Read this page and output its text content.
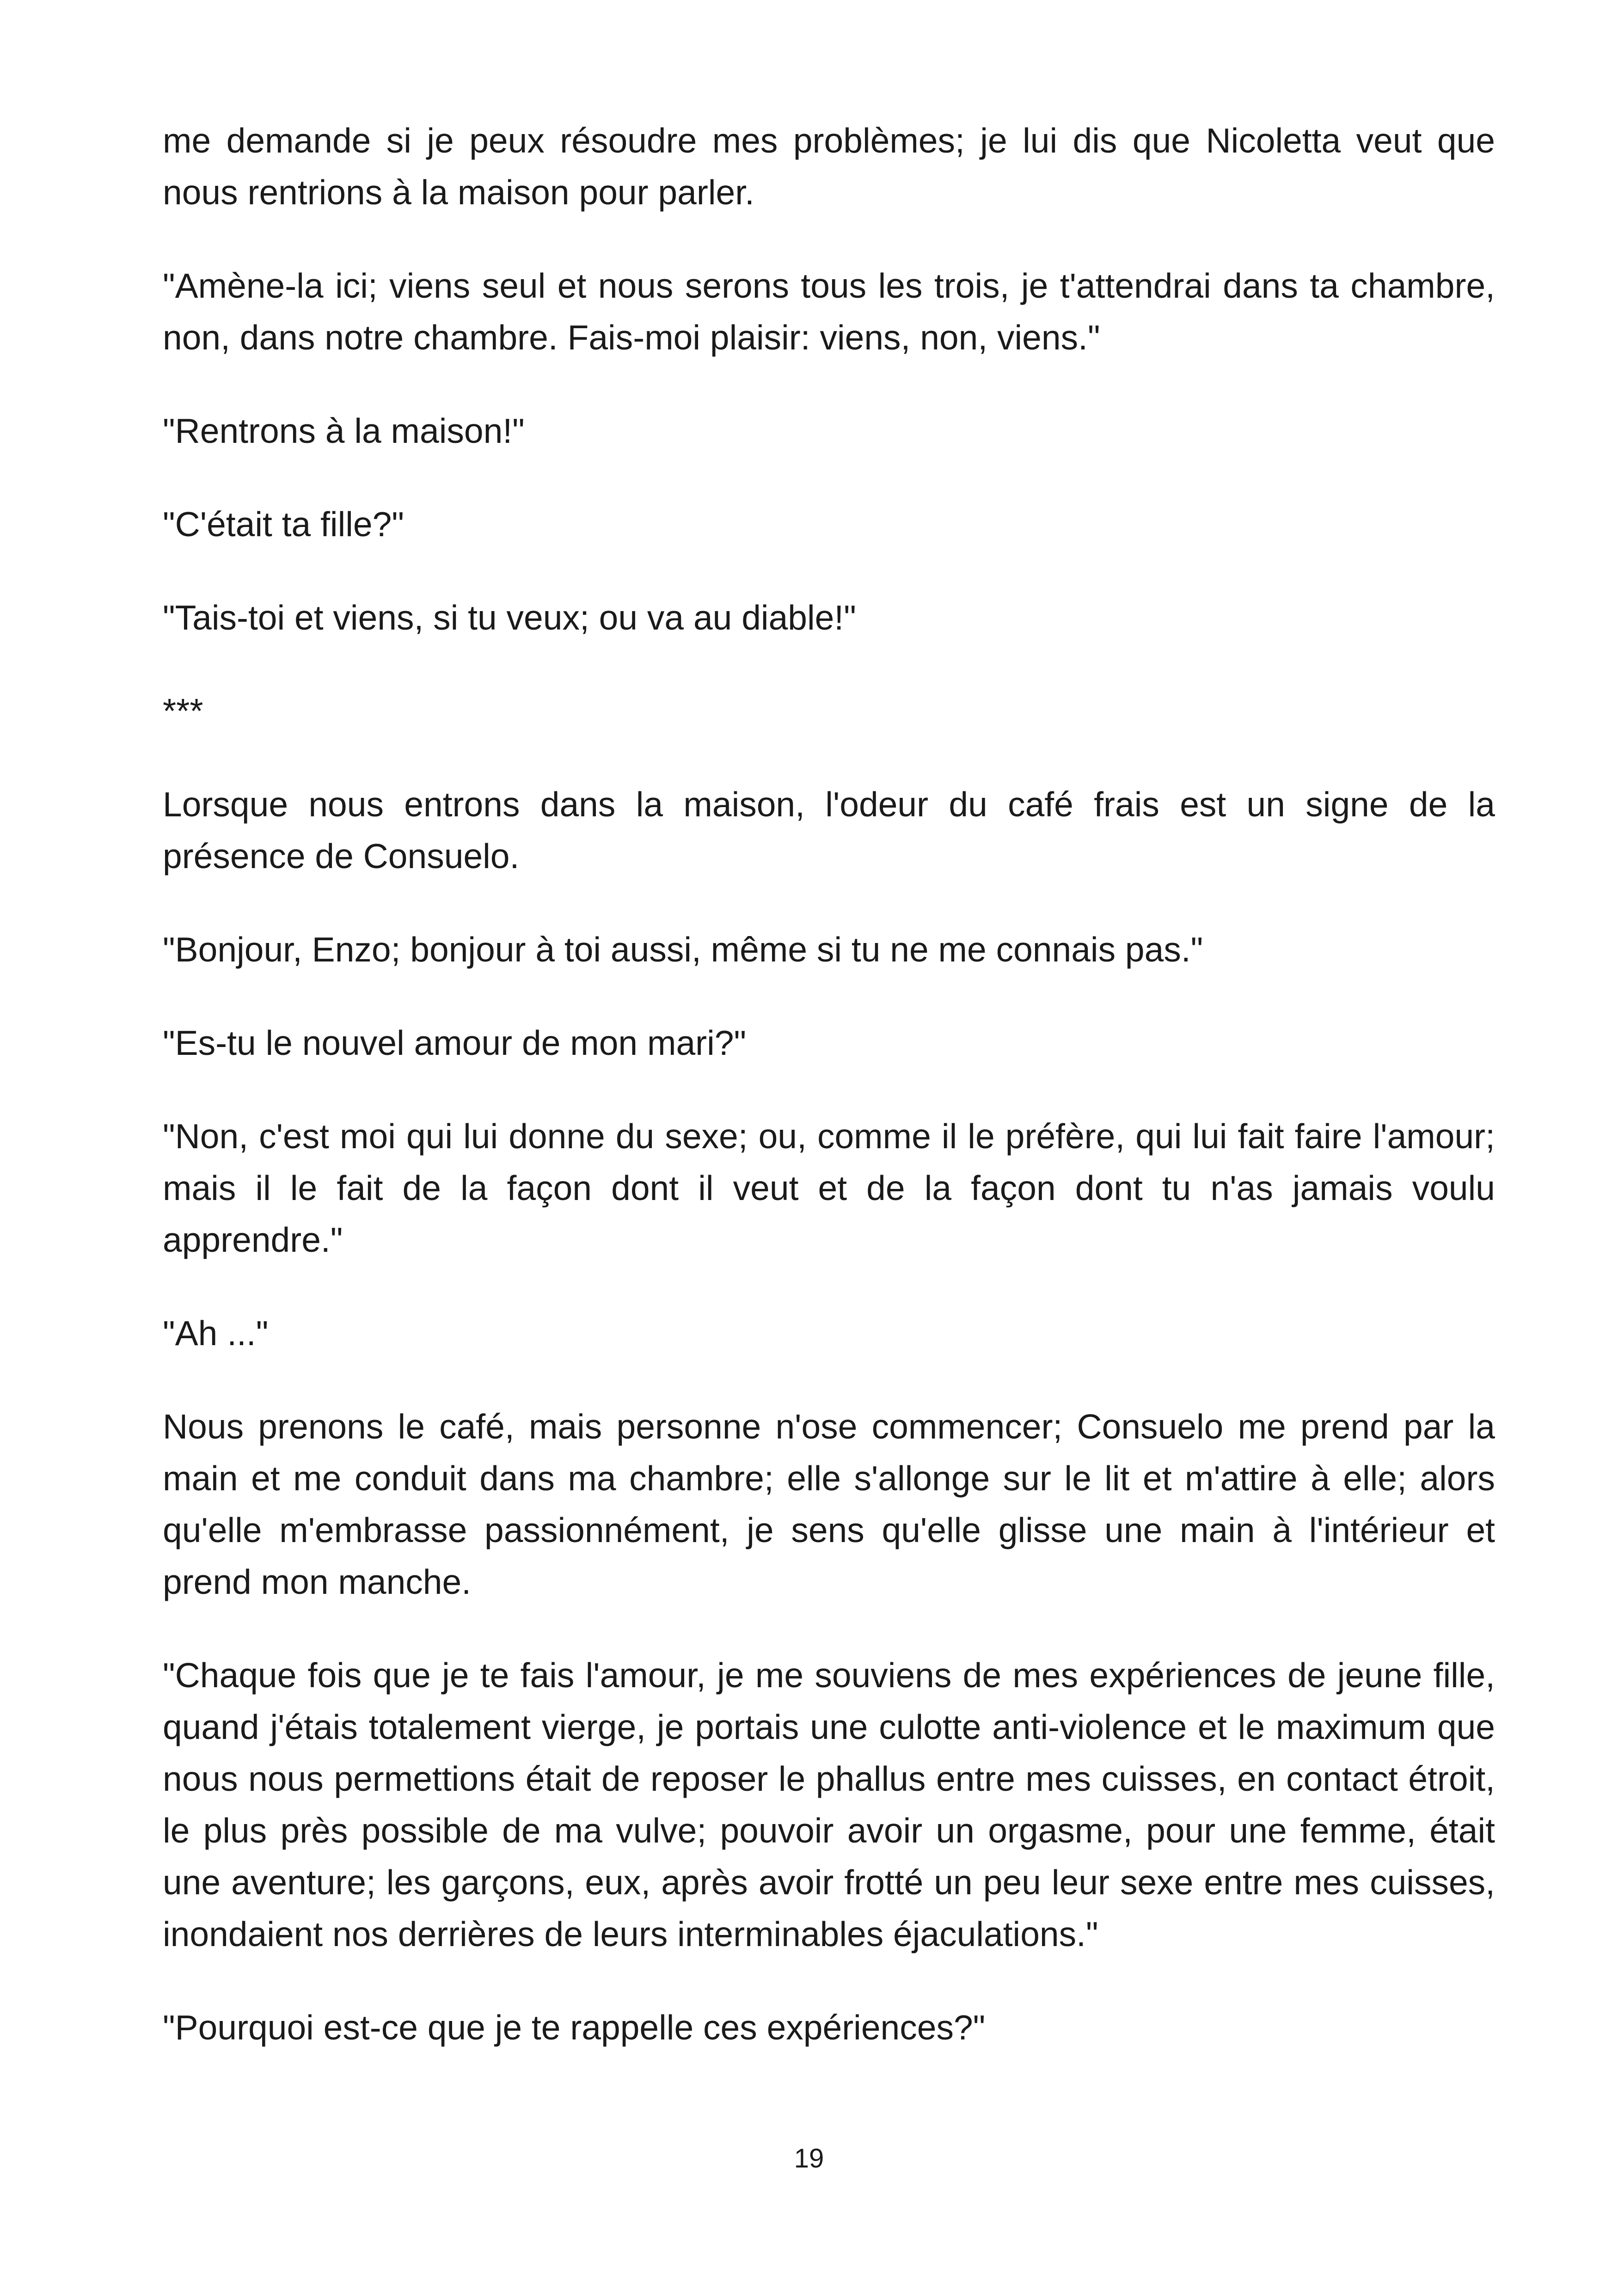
me demande si je peux résoudre mes problèmes; je lui dis que Nicoletta veut que nous rentrions à la maison pour parler.

"Amène-la ici; viens seul et nous serons tous les trois, je t'attendrai dans ta chambre, non, dans notre chambre. Fais-moi plaisir: viens, non, viens."

"Rentrons à la maison!"

"C'était ta fille?"

"Tais-toi et viens, si tu veux; ou va au diable!"

***

Lorsque nous entrons dans la maison, l'odeur du café frais est un signe de la présence de Consuelo.

"Bonjour, Enzo; bonjour à toi aussi, même si tu ne me connais pas."

"Es-tu le nouvel amour de mon mari?"

"Non, c'est moi qui lui donne du sexe; ou, comme il le préfère, qui lui fait faire l'amour; mais il le fait de la façon dont il veut et de la façon dont tu n'as jamais voulu apprendre."

"Ah ..."

Nous prenons le café, mais personne n'ose commencer; Consuelo me prend par la main et me conduit dans ma chambre; elle s'allonge sur le lit et m'attire à elle; alors qu'elle m'embrasse passionnément, je sens qu'elle glisse une main à l'intérieur et prend mon manche.

"Chaque fois que je te fais l'amour, je me souviens de mes expériences de jeune fille, quand j'étais totalement vierge, je portais une culotte anti-violence et le maximum que nous nous permettions était de reposer le phallus entre mes cuisses, en contact étroit, le plus près possible de ma vulve; pouvoir avoir un orgasme, pour une femme, était une aventure; les garçons, eux, après avoir frotté un peu leur sexe entre mes cuisses, inondaient nos derrières de leurs interminables éjaculations."

"Pourquoi est-ce que je te rappelle ces expériences?"

19
